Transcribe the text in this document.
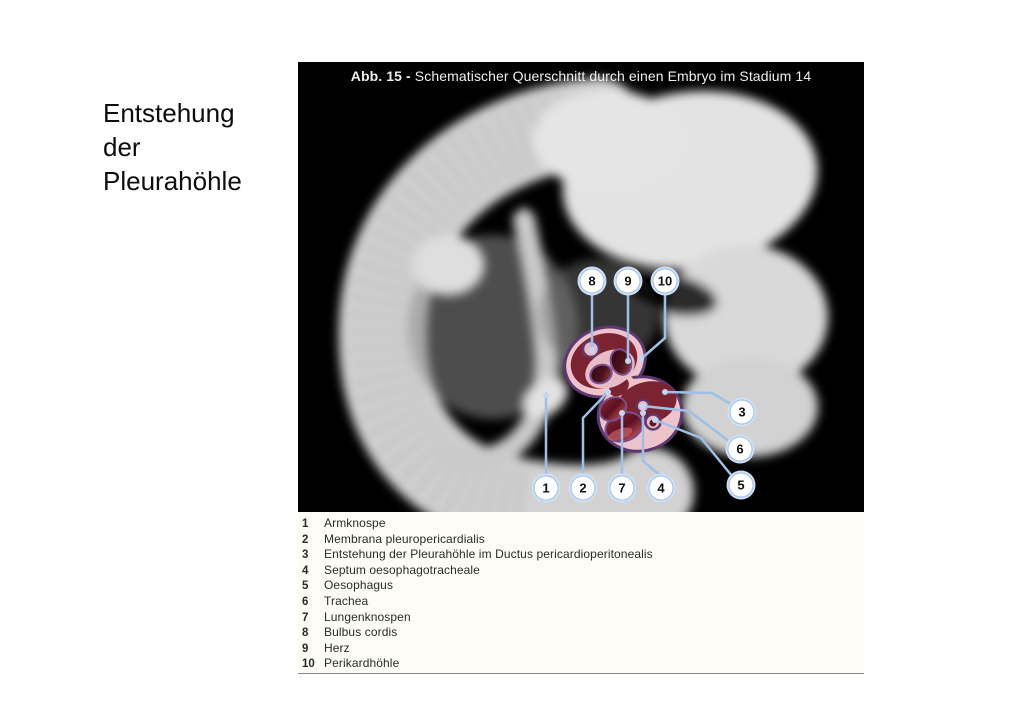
Entstehung der Pleurahöhle
Abb. 15 - Schematischer Querschnitt durch einen Embryo im Stadium 14
1 2
3
4	5
6
7
8 9 10
1	Armknospe
2	Membrana pleuropericardialis
3	Entstehung der Pleurahöhle im Ductus pericardioperitonealis
4	Septum oesophagotracheale
5	Oesophagus
6	Trachea
7	Lungenknospen
8	Bulbus cordis
9	Herz
10 Perikardhöhle
